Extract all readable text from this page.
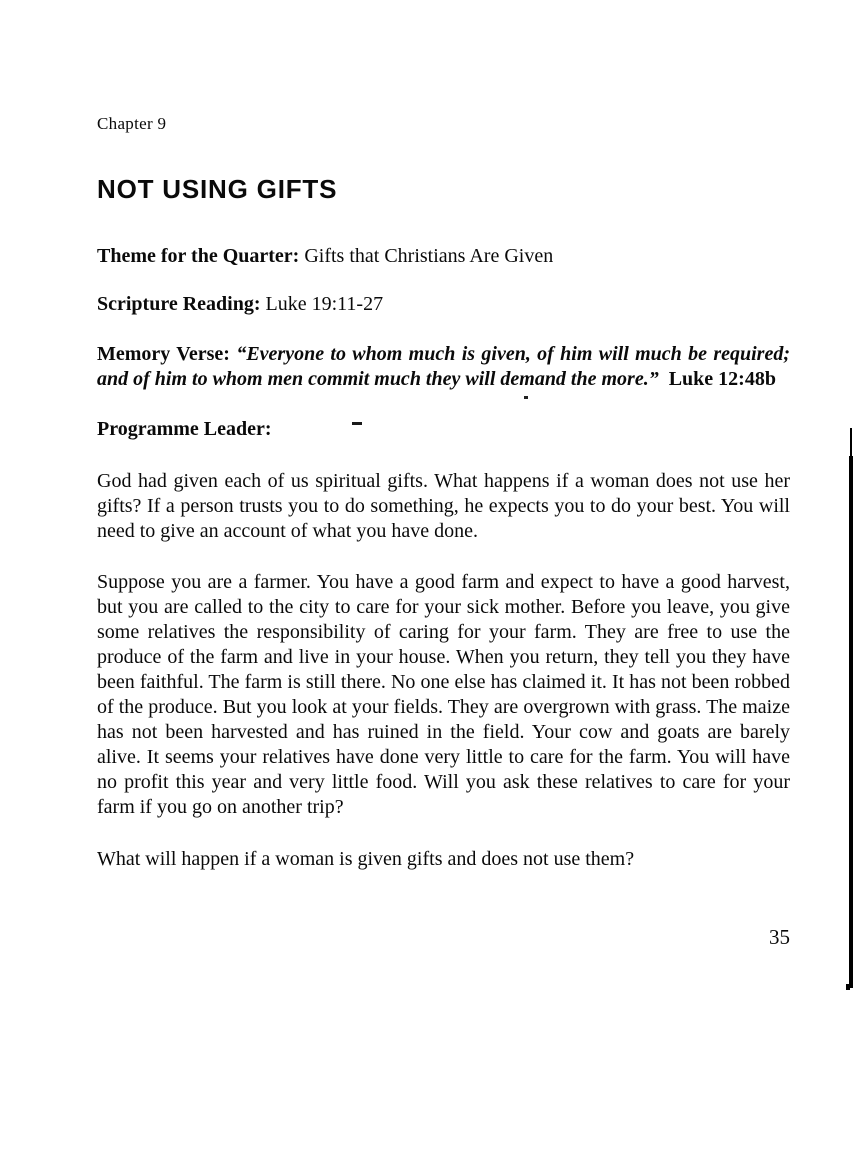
Chapter 9
NOT USING GIFTS

Theme for the Quarter: Gifts that Christians Are Given

Scripture Reading: Luke 19:11-27

Memory Verse: “Everyone to whom much is given, of him will much be required; and of him to whom men commit much they will demand the more.” Luke 12:48b

Programme Leader:

God had given each of us spiritual gifts. What happens if a woman does not use her gifts? If a person trusts you to do something, he expects you to do your best. You will need to give an account of what you have done.

Suppose you are a farmer. You have a good farm and expect to have a good harvest, but you are called to the city to care for your sick mother. Before you leave, you give some relatives the responsibility of caring for your farm. They are free to use the produce of the farm and live in your house. When you return, they tell you they have been faithful. The farm is still there. No one else has claimed it. It has not been robbed of the produce. But you look at your fields. They are overgrown with grass. The maize has not been harvested and has ruined in the field. Your cow and goats are barely alive. It seems your relatives have done very little to care for the farm. You will have no profit this year and very little food. Will you ask these relatives to care for your farm if you go on another trip?

What will happen if a woman is given gifts and does not use them?

35
